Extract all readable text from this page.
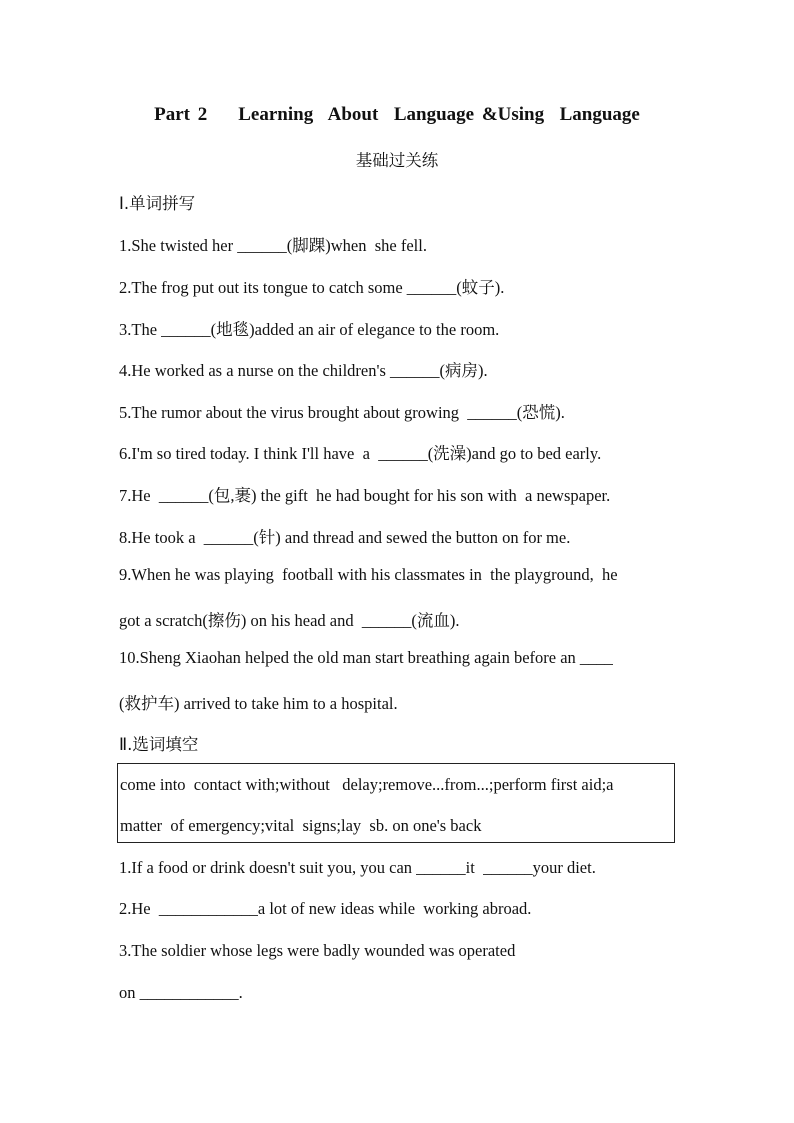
Part 2    Learning  About  Language &Using  Language
基础过关练
Ⅰ.单词拼写
1.She twisted her ______(脚踝)when  she fell.
2.The frog put out its tongue to catch some ______(蚊子).
3.The ______(地毯)added an air of elegance to the room.
4.He worked as a nurse on the children's ______(病房).
5.The rumor about the virus brought about growing  ______(恐慌).
6.I'm so tired today. I think I'll have  a  ______(洗澡)and go to bed early.
7.He  ______(包,裹) the gift  he had bought for his son with  a newspaper.
8.He took a  ______(针) and thread and sewed the button on for me.
9.When he was playing  football with his classmates in  the playground,  he
got a scratch(擦伤) on his head and  ______(流血).
10.Sheng Xiaohan helped the old man start breathing again before an ____
(救护车) arrived to take him to a hospital.
Ⅱ.选词填空
come into  contact with;without   delay;remove...from...;perform first aid;a
matter  of emergency;vital  signs;lay  sb. on one's back
1.If a food or drink doesn't suit you, you can ______it  ______your diet.
2.He  ____________a lot of new ideas while  working abroad.
3.The soldier whose legs were badly wounded was operated
on ____________.
